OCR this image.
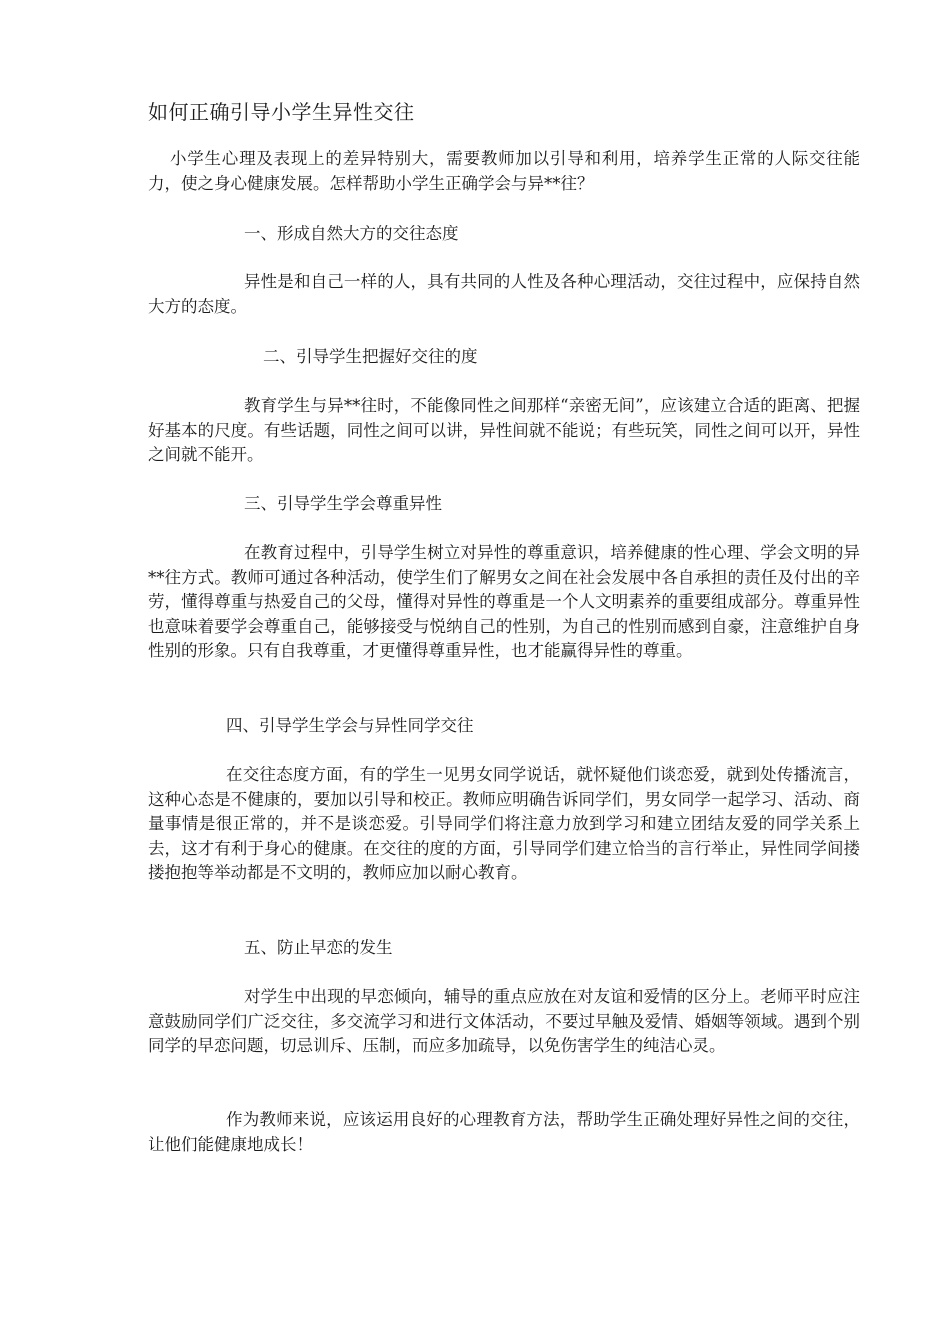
如何正确引导小学生异性交往

小学生心理及表现上的差异特别大，需要教师加以引导和利用，培养学生正常的人际交往能力，使之身心健康发展。怎样帮助小学生正确学会与异**往？

一、形成自然大方的交往态度

异性是和自己一样的人，具有共同的人性及各种心理活动，交往过程中，应保持自然大方的态度。

二、引导学生把握好交往的度

教育学生与异**往时，不能像同性之间那样“亲密无间”，应该建立合适的距离、把握好基本的尺度。有些话题，同性之间可以讲，异性间就不能说；有些玩笑，同性之间可以开，异性之间就不能开。

三、引导学生学会尊重异性

在教育过程中，引导学生树立对异性的尊重意识，培养健康的性心理、学会文明的异**往方式。教师可通过各种活动，使学生们了解男女之间在社会发展中各自承担的责任及付出的辛劳，懂得尊重与热爱自己的父母，懂得对异性的尊重是一个人文明素养的重要组成部分。尊重异性也意味着要学会尊重自己，能够接受与悦纳自己的性别，为自己的性别而感到自豪，注意维护自身性别的形象。只有自我尊重，才更懂得尊重异性，也才能赢得异性的尊重。

四、引导学生学会与异性同学交往

在交往态度方面，有的学生一见男女同学说话，就怀疑他们谈恋爱，就到处传播流言，这种心态是不健康的，要加以引导和校正。教师应明确告诉同学们，男女同学一起学习、活动、商量事情是很正常的，并不是谈恋爱。引导同学们将注意力放到学习和建立团结友爱的同学关系上去，这才有利于身心的健康。在交往的度的方面，引导同学们建立恰当的言行举止，异性同学间搂搂抱抱等举动都是不文明的，教师应加以耐心教育。

五、防止早恋的发生

对学生中出现的早恋倾向，辅导的重点应放在对友谊和爱情的区分上。老师平时应注意鼓励同学们广泛交往，多交流学习和进行文体活动，不要过早触及爱情、婚姻等领域。遇到个别同学的早恋问题，切忌训斥、压制，而应多加疏导，以免伤害学生的纯洁心灵。

作为教师来说，应该运用良好的心理教育方法，帮助学生正确处理好异性之间的交往，让他们能健康地成长！
